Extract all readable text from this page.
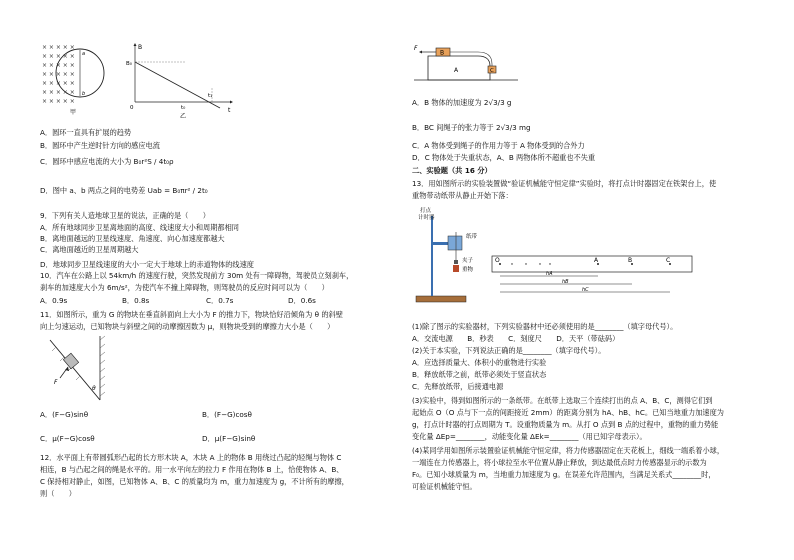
× × × × ×
× × × × ×
× × × × ×
× × × × ×
× × × × ×
× × × × ×
× × × × ×
a
b
甲
B
t
B₀
0	t₀
t₁
乙
A．圆环一直具有扩展的趋势
B．圆环中产生逆时针方向的感应电流
C．圆环中感应电流的大小为 B₀r²S / 4t₀ρ
D．图中 a、b 两点之间的电势差 Uab = B₀πr² / 2t₀
9．下列有关人造地球卫星的说法，正确的是（　　）
A．所有地球同步卫星离地面的高度、线速度大小和周期都相同
B．离地面越远的卫星线速度、角速度、向心加速度都越大
C．离地面越近的卫星周期越大
D．地球同步卫星线速度的大小一定大于地球上的赤道物体的线速度
10．汽车在公路上以 54km/h 的速度行驶，突然发现前方 30m 处有一障碍物，驾驶员立刻刹车，
刹车的加速度大小为 6m/s²，为使汽车不撞上障碍物，则驾驶员的反应时间可以为（　　）
A．0.9s	B．0.8s	C．0.7s	D．0.6s
11．如图所示，重为 G 的物块在垂直斜面向上大小为 F 的推力下，物块恰好沿倾角为 θ 的斜壁
向上匀速运动，已知物块与斜壁之间的动摩擦因数为 μ，则物块受到的摩擦力大小是（　　）
F
θ
A．(F−G)sinθ	B．(F−G)cosθ
C．μ(F−G)cosθ	D．μ(F−G)sinθ
12．水平面上有带圆弧形凸起的长方形木块 A，木块 A 上的物体 B 用绕过凸起的轻绳与物体 C
相连，B 与凸起之间的绳是水平的。用一水平向左的拉力 F 作用在物体 B 上，恰使物体 A、B、
C 保持相对静止，如图，已知物体 A、B、C 的质量均为 m，重力加速度为 g，不计所有的摩擦，
则（　　）
F
B
A	C
A．B 物体的加速度为 2√3/3 g
B．BC 间绳子的张力等于 2√3/3 mg
C．A 物体受到绳子的作用力等于 A 物体受到的合外力
D．C 物体处于失重状态，A、B 两物体所不超重也不失重
二、实验题（共 16 分）
13．用如图所示的实验装置做“验证机械能守恒定律”实验时，将打点计时器固定在铁架台上，使
重物带动纸带从静止开始下落：
打点
计时器
纸带
夹子
重物
O	A	B	C
hA
hB
hC
(1)除了图示的实验器材，下列实验器材中还必须使用的是________（填字母代号）。
A．交流电源　　B．秒表　　C．刻度尺　　D．天平（带砝码）
(2)关于本实验，下列说法正确的是________（填字母代号）。
A．应选择质量大、体积小的重物进行实验
B．释放纸带之前，纸带必须处于竖直状态
C．先释放纸带，后接通电源
(3)实验中，得到如图所示的一条纸带。在纸带上选取三个连续打出的点 A、B、C，测得它们到
起始点 O（O 点与下一点的间距接近 2mm）的距离分别为 hA、hB、hC。已知当地重力加速度为
g，打点计时器的打点周期为 T。设重物质量为 m。从打 O 点到 B 点的过程中，重物的重力势能
变化量 ΔEp=________，动能变化量 ΔEk=________（用已知字母表示）。
(4)某同学用如图所示装置验证机械能守恒定律，将力传感器固定在天花板上，细线一端系着小球，
一端连在力传感器上，将小球拉至水平位置从静止释放，到达最低点时力传感器显示的示数为
F₀。已知小球质量为 m，当地重力加速度为 g。在误差允许范围内，当满足关系式________时，
可验证机械能守恒。
